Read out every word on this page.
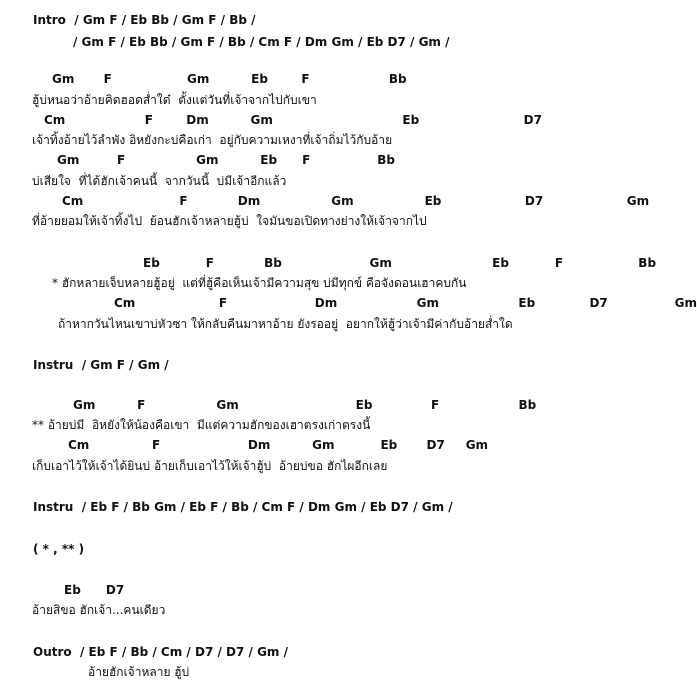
Intro  / Gm F / Eb Bb / Gm F / Bb /
/ Gm F / Eb Bb / Gm F / Bb / Cm F / Dm Gm / Eb D7 / Gm /
Gm       F                  Gm          Eb        F                   Bb
ฮู้บ่หนอว่าอ้ายคิดฮอดส่ำใด๋  ตั้งแต่วันที่เจ้าจากไปกับเขา
Cm                   F        Dm          Gm                               Eb                         D7
เจ้าทิ้งอ้ายไว้ลำพัง อิหยังกะบ่คือเก่า  อยู่กับความเหงาที่เจ้าถิ่มไว้กับอ้าย
Gm         F                 Gm          Eb      F                Bb
บ่เสียใจ  ที่ได้ฮักเจ้าคนนี้  จากวันนี้  บ่มีเจ้าอีกแล้ว
Cm                       F            Dm                 Gm                 Eb                    D7                    Gm
ที่อ้ายยอมให้เจ้าทิ้งไป  ย้อนฮักเจ้าหลายฮู้บ่  ใจมันขอเปิดทางย่างให้เจ้าจากไป
Eb           F            Bb                     Gm                        Eb           F                  Bb
* ฮักหลายเจ็บหลายฮู้อยู่  แต่ที่ฮู้คือเห็นเจ้ามีความสุข บ่มีทุกข์ คือจังดอนเฮาคบกัน
Cm                    F                     Dm                   Gm                   Eb             D7                Gm
ถ้าหากวันไหนเขาบ่หัวซา ให้กลับคืนมาหาอ้าย ยังรออยู่  อยากให้ฮู้ว่าเจ้ามีค่ากับอ้ายส่ำใด
Instru  / Gm F / Gm /
Gm          F                 Gm                            Eb              F                   Bb
** อ้ายบ่มี  อิหยังให้น้องคือเขา  มีแต่ความฮักของเฮาตรงเก่าตรงนี้
Cm               F                     Dm          Gm           Eb       D7     Gm
เก็บเอาไว้ให้เจ้าได้ยินบ่ อ้ายเก็บเอาไว้ให้เจ้าฮู้บ่  อ้ายบ่ขอ ฮักไผอีกเลย
Instru  / Eb F / Bb Gm / Eb F / Bb / Cm F / Dm Gm / Eb D7 / Gm /
( * , ** )
Eb      D7
อ้ายสิขอ ฮักเจ้า...คนเดียว
Outro  / Eb F / Bb / Cm / D7 / D7 / Gm /
อ้ายฮักเจ้าหลาย ฮู้บ่
